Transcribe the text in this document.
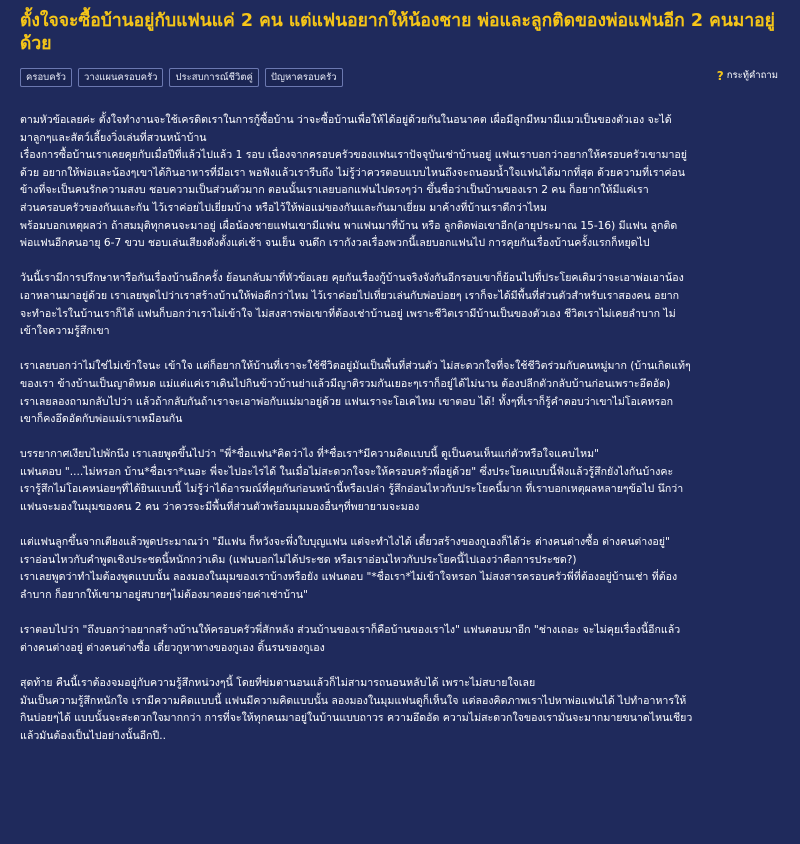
ตั้งใจจะซื้อบ้านอยู่กับแฟนแค่ 2 คน แต่แฟนอยากให้น้องชาย พ่อและลูกติดของพ่อแฟนอีก 2 คนมาอยู่ด้วย
ครอบครัว	วางแผนครอบครัว	ประสบการณ์ชีวิตคู่	ปัญหาครอบครัว	? กระทู้คำถาม

ตามหัวข้อเลยค่ะ ตั้งใจทำงานจะใช้เครดิตเราในการกู้ซื้อบ้าน ว่าจะซื้อบ้านเพื่อให้ได้อยู่ด้วยกันในอนาคต เผื่อมีลูกมีหมามีแมวเป็นของตัวเอง จะได้
มาลูกๆและสัตว์เลี้ยงวิ่งเล่นที่สวนหน้าบ้าน
เรื่องการซื้อบ้านเราเคยคุยกับเมื่อปีที่แล้วไปแล้ว 1 รอบ เนื่องจากครอบครัวของแฟนเราปัจจุบันเช่าบ้านอยู่ แฟนเราบอกว่าอยากให้ครอบครัวเขามาอยู่
ด้วย อยากให้พ่อและน้องๆเขาได้กินอาหารที่มีอเรา พอฟังแล้วเรารีบถึง ไม่รู้ว่าควรตอบแบบไหนถึงจะถนอมน้ำใจแฟนได้มากที่สุด ด้วยความที่เราค่อน
ข้างที่จะเป็นคนรักความสงบ ชอบความเป็นส่วนตัวมาก ตอนนั้นเราเลยบอกแฟนไปตรงๆว่า ขึ้นชื่อว่าเป็นบ้านของเรา 2 คน ก็อยากให้มีแค่เรา
ส่วนครอบครัวของกันและกัน ไว้เราค่อยไปเยี่ยมบ้าง หรือไว้ให้พ่อแม่ของกันและกันมาเยี่ยม มาค้างที่บ้านเราดีกว่าไหม
พร้อมบอกเหตุผลว่า ถ้าสมมุติทุกคนจะมาอยู่ เผื่อน้องชายแฟนเขามีแฟน พาแฟนมาที่บ้าน หรือ ลูกติดพ่อเขาอีก(อายุประมาณ 15-16) มีแฟน ลูกติด
พ่อแฟนอีกคนอายุ 6-7 ขวบ ชอบเล่นเสียงดังตั้งแต่เช้า จนเย็น จนดึก เรากังวลเรื่องพวกนี้เลยบอกแฟนไป การคุยกันเรื่องบ้านครั้งแรกก็หยุดไป

วันนี้เรามีการปรึกษาหารือกันเรื่องบ้านอีกครั้ง ย้อนกลับมาที่หัวข้อเลย คุยกันเรื่องกู้บ้านจริงจังกันอีกรอบเขาก็ย้อนไปที่ประโยคเดิมว่าจะเอาพ่อเอาน้อง
เอาหลานมาอยู่ด้วย เราเลยพูดไปว่าเราสร้างบ้านให้พ่อดีกว่าไหม ไว้เราค่อยไปเที่ยวเล่นกับพ่อบ่อยๆ เราก็จะได้มีพื้นที่ส่วนตัวสำหรับเราสองคน อยาก
จะทำอะไรในบ้านเราก็ได้ แฟนก็บอกว่าเราไม่เข้าใจ ไม่สงสารพ่อเขาที่ต้องเช่าบ้านอยู่ เพราะชีวิตเรามีบ้านเป็นของตัวเอง ชีวิตเราไม่เคยลำบาก ไม่
เข้าใจความรู้สึกเขา

เราเลยบอกว่าไม่ใช่ไม่เข้าใจนะ เข้าใจ แต่ก็อยากให้บ้านที่เราจะใช้ชีวิตอยู่มันเป็นพื้นที่ส่วนตัว ไม่สะดวกใจที่จะใช้ชีวิตร่วมกับคนหมู่มาก (บ้านเกิดแท้ๆ
ของเรา ข้างบ้านเป็นญาติหมด แม่แต่แค่เราเดินไปกินข้าวบ้านย่าแล้วมีญาติรวมกันเยอะๆเราก็อยู่ได้ไม่นาน ต้องปลีกตัวกลับบ้านก่อนเพราะอึดอัด)
เราเลยลองถามกลับไปว่า แล้วถ้ากลับกันถ้าเราจะเอาพ่อกับแม่มาอยู่ด้วย แฟนเราจะโอเคไหม เขาตอบ ได้! ทั้งๆที่เราก็รู้คำตอบว่าเขาไม่โอเคหรอก
เขาก็คงอึดอัดกับพ่อแม่เราเหมือนกัน

บรรยากาศเงียบไปพักนึง เราเลยพูดขึ้นไปว่า "พี่*ชื่อแฟน*คิดว่าไง ที่*ชื่อเรา*มีความคิดแบบนี้ ดูเป็นคนเห็นแก่ตัวหรือใจแคบไหม"
แฟนตอบ "....ไม่หรอก บ้าน*ชื่อเรา*เนอะ พี่จะไปอะไรได้ ในเมื่อไม่สะดวกใจจะให้ครอบครัวพี่อยู่ด้วย" ซึ่งประโยคแบบนี้ฟังแล้วรู้สึกยังไงกันบ้างคะ
เรารู้สึกไม่โอเคหน่อยๆที่ได้ยินแบบนี้ ไม่รู้ว่าได้อารมณ์ที่คุยกันก่อนหน้านี้หรือเปล่า รู้สึกอ่อนไหวกับประโยคนี้มาก ที่เราบอกเหตุผลหลายๆข้อไป นึกว่า
แฟนจะมองในมุมของคน 2 คน ว่าควรจะมีพื้นที่ส่วนตัวพร้อมมุมมองอื่นๆที่พยายามจะมอง

แต่แฟนลูกขึ้นจากเตียงแล้วพูดประมาณว่า "มีแฟน ก็หวังจะพึ่งใบบุญแฟน แต่จะทำไงได้ เดี๋ยวสร้างของกูเองก็ได้ว่ะ ต่างคนต่างซื้อ ต่างคนต่างอยู่"
เราอ่อนไหวกับคำพูดเชิงประชดนี้หนักกว่าเดิม (แฟนบอกไม่ได้ประชด หรือเราอ่อนไหวกับประโยคนี้ไปเองว่าคือการประชด?)
เราเลยพูดว่าทำไมต้องพูดแบบนั้น ลองมองในมุมของเราบ้างหรือยัง แฟนตอบ "*ชื่อเรา*ไม่เข้าใจหรอก ไม่สงสารครอบครัวพี่ที่ต้องอยู่บ้านเช่า ที่ต้อง
ลำบาก ก็อยากให้เขามาอยู่สบายๆไม่ต้องมาคอยจ่ายค่าเช่าบ้าน"

เราตอบไปว่า "ถึงบอกว่าอยากสร้างบ้านให้ครอบครัวพี่สักหลัง ส่วนบ้านของเราก็คือบ้านของเราไง" แฟนตอบมาอีก "ช่างเถอะ จะไม่คุยเรื่องนี้อีกแล้ว
ต่างคนต่างอยู่ ต่างคนต่างซื้อ เดี๋ยวกูหาทางของกูเอง ดิ้นรนของกูเอง

สุดท้าย คืนนี้เราต้องจมอยู่กับความรู้สึกหน่วงๆนี้ โดยที่ข่มตานอนแล้วก็ไม่สามารถนอนหลับได้ เพราะไม่สบายใจเลย
มันเป็นความรู้สึกหนักใจ เรามีความคิดแบบนี้ แฟนมีความคิดแบบนั้น ลองมองในมุมแฟนดูก็เห็นใจ แต่ลองคิดภาพเราไปหาพ่อแฟนได้ ไปทำอาหารให้
กินบ่อยๆได้ แบบนั้นจะสะดวกใจมากกว่า การที่จะให้ทุกคนมาอยู่ในบ้านแบบถาวร ความอึดอัด ความไม่สะดวกใจของเรามันจะมากมายขนาดไหนเชียว
แล้วมันต้องเป็นไปอย่างนั้นอีกปี..
